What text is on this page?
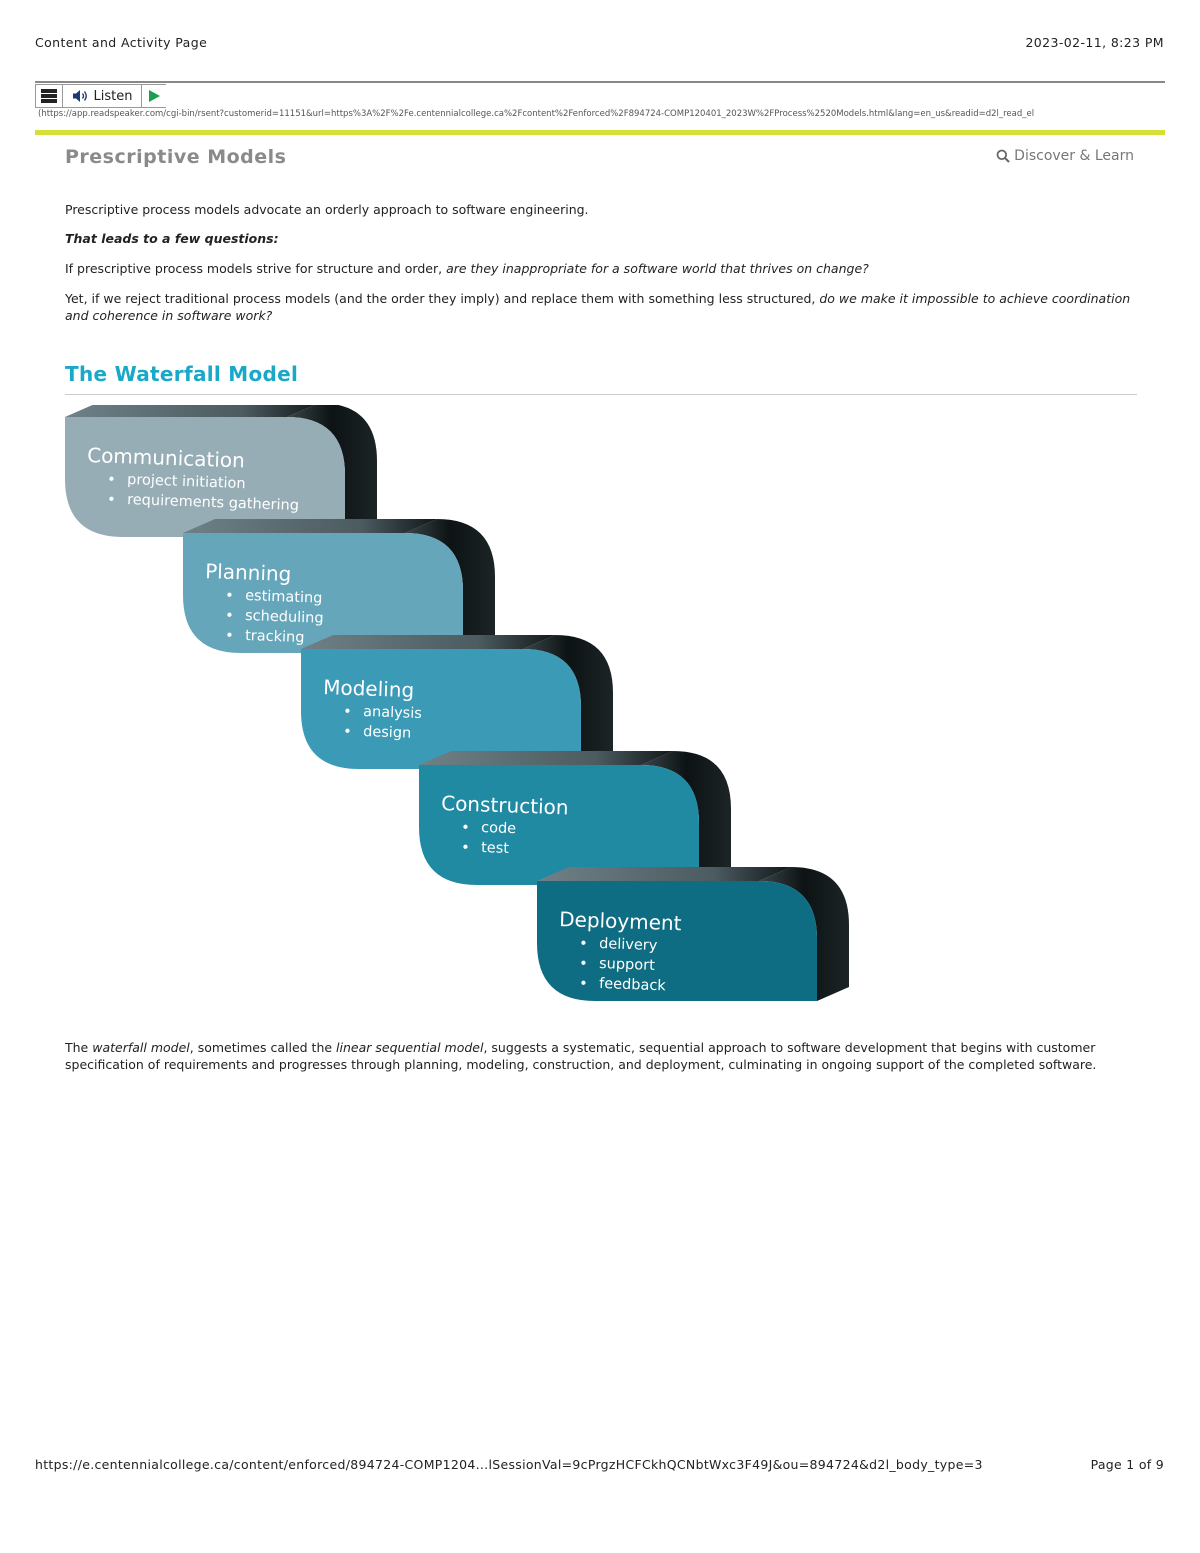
Content and Activity Page	2023-02-11, 8:23 PM
Listen
(https://app.readspeaker.com/cgi-bin/rsent?customerid=11151&url=https%3A%2F%2Fe.centennialcollege.ca%2Fcontent%2Fenforced%2F894724-COMP120401_2023W%2FProcess%2520Models.html&lang=en_us&readid=d2l_read_el
Prescriptive Models	Discover & Learn
Prescriptive process models advocate an orderly approach to software engineering.
That leads to a few questions:
If prescriptive process models strive for structure and order, are they inappropriate for a software world that thrives on change?
Yet, if we reject traditional process models (and the order they imply) and replace them with something less structured, do we make it impossible to achieve coordination and coherence in software work?
The Waterfall Model
Communication
• project initiation
• requirements gathering
Planning
• estimating
• scheduling
• tracking
Modeling
• analysis
• design
Construction
• code
• test
Deployment
• delivery
• support
• feedback
The waterfall model, sometimes called the linear sequential model, suggests a systematic, sequential approach to software development that begins with customer specification of requirements and progresses through planning, modeling, construction, and deployment, culminating in ongoing support of the completed software.
https://e.centennialcollege.ca/content/enforced/894724-COMP1204...lSessionVal=9cPrgzHCFCkhQCNbtWxc3F49J&ou=894724&d2l_body_type=3	Page 1 of 9
